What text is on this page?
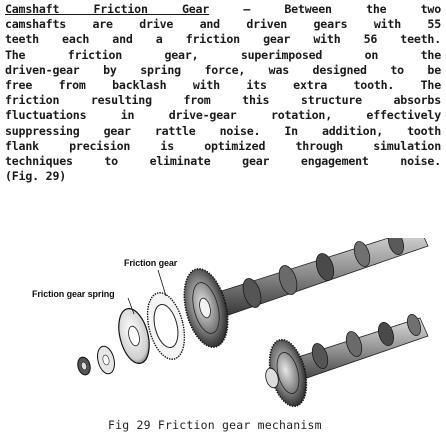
Camshaft Friction Gear – Between the two
camshafts are drive and driven gears with 55
teeth each and a friction gear with 56 teeth.
The friction gear, superimposed on the
driven-gear by spring force, was designed to be
free from backlash with its extra tooth. The
friction resulting from this structure absorbs
fluctuations in drive-gear rotation, effectively
suppressing gear rattle noise. In addition, tooth
flank precision is optimized through simulation
techniques to eliminate gear engagement noise.
(Fig. 29)
Friction gear
Friction gear spring
Fig 29 Friction gear mechanism
